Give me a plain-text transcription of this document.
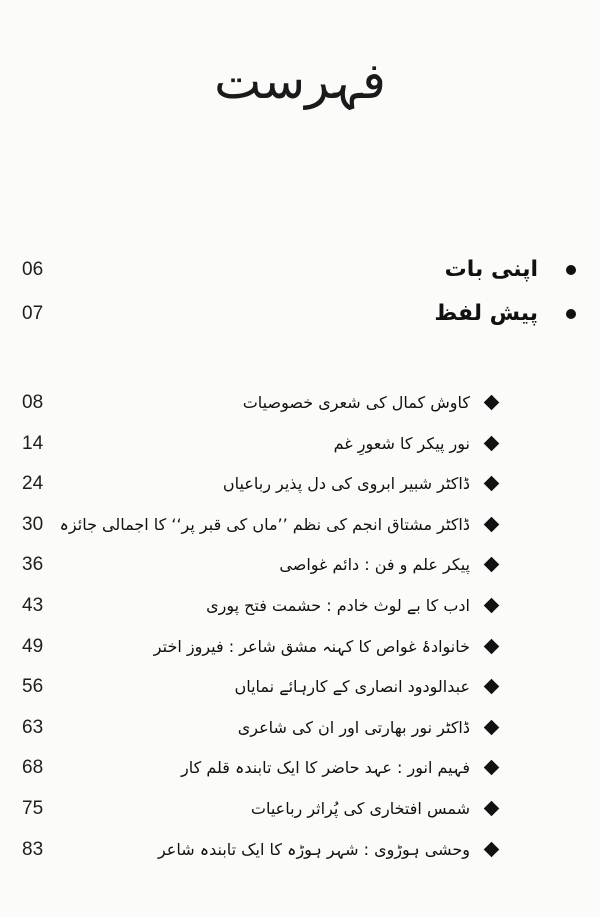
فہرست
06	اپنی بات
07	پیش لفظ
08	کاوش کمال کی شعری خصوصیات
14	نور پیکر کا شعورِ غم
24	ڈاکٹر شبیر ابروی کی دل پذیر رباعیاں
30 ڈاکٹر مشتاق انجم کی نظم ’’ماں کی قبر پر‘‘ کا اجمالی جائزہ
36	پیکر علم و فن : دائم غواصی
43	ادب کا بے لوث خادم : حشمت فتح پوری
49	خانوادۂ غواص کا کہنہ مشق شاعر : فیروز اختر
56	عبدالودود انصاری کے کارہائے نمایاں
63	ڈاکٹر نور بھارتی اور ان کی شاعری
68	فہیم انور : عہد حاضر کا ایک تابندہ قلم کار
75	شمس افتخاری کی پُراثر رباعیات
83	وحشی ہوڑوی : شہر ہوڑہ کا ایک تابندہ شاعر
